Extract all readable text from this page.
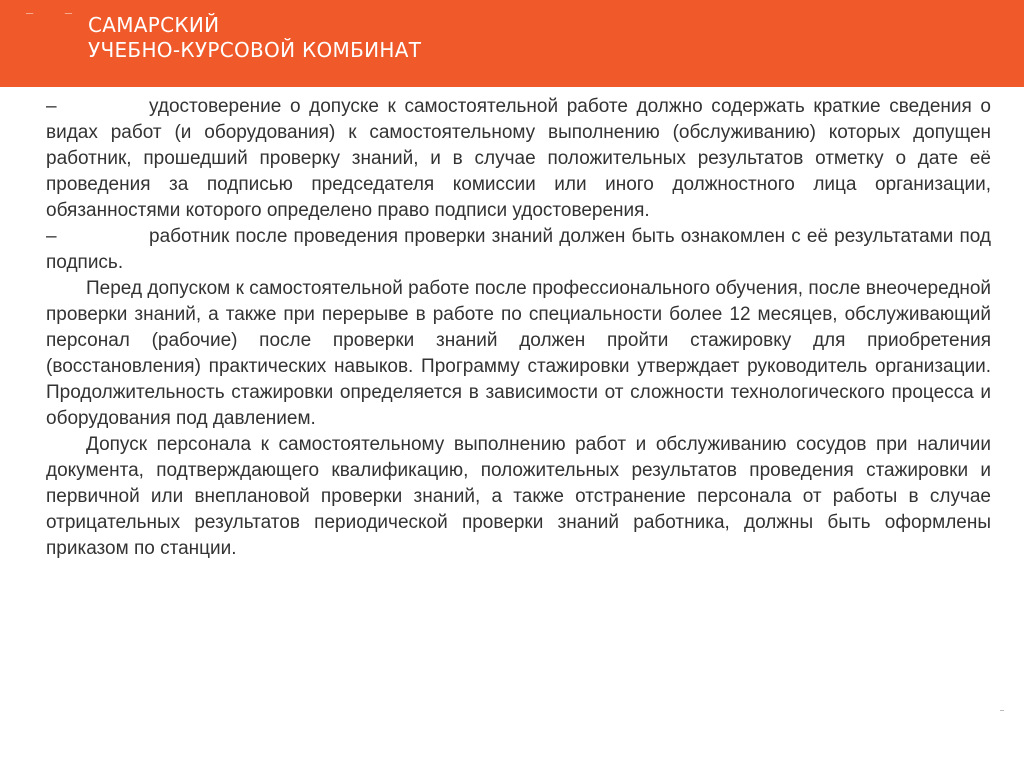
– –
САМАРСКИЙ
УЧЕБНО-КУРСОВОЙ КОМБИНАТ

–	удостоверение о допуске к самостоятельной работе должно содержать краткие сведения о видах работ (и оборудования) к самостоятельному выполнению (обслуживанию) которых допущен работник, прошедший проверку знаний, и в случае положительных результатов отметку о дате её проведения за подписью председателя комиссии или иного должностного лица организации, обязанностями которого определено право подписи удостоверения.

–	работник после проведения проверки знаний должен быть ознакомлен с её результатами под подпись.

Перед допуском к самостоятельной работе после профессионального обучения, после внеочередной проверки знаний, а также при перерыве в работе по специальности более 12 месяцев, обслуживающий персонал (рабочие) после проверки знаний должен пройти стажировку для приобретения (восстановления) практических навыков. Программу стажировки утверждает руководитель организации. Продолжительность стажировки определяется в зависимости от сложности технологического процесса и оборудования под давлением.

Допуск персонала к самостоятельному выполнению работ и обслуживанию сосудов при наличии документа, подтверждающего квалификацию, положительных результатов проведения стажировки и первичной или внеплановой проверки знаний, а также отстранение персонала от работы в случае отрицательных результатов периодической проверки знаний работника, должны быть оформлены приказом по станции.
